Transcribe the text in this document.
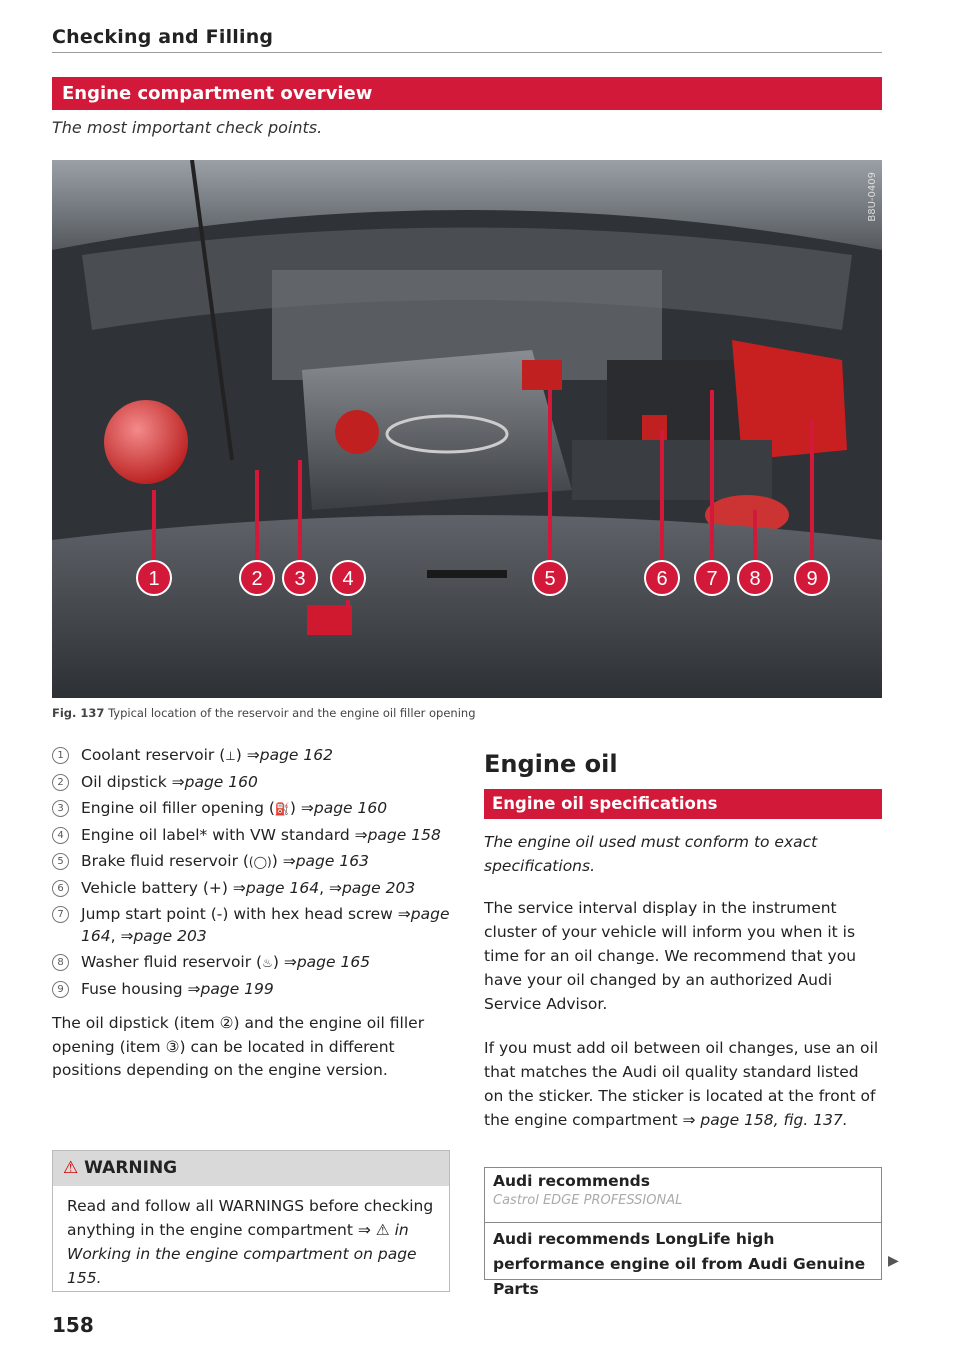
Checking and Filling
Engine compartment overview
The most important check points.
1	2 3 4	5	6 7 8 9
B8U-0409
Fig. 137 Typical location of the reservoir and the engine oil filler opening
1	Coolant reservoir (⊥) ⇒page 162
2	Oil dipstick ⇒page 160
3	Engine oil filler opening (⛽) ⇒page 160
4	Engine oil label* with VW standard ⇒page 158
5	Brake fluid reservoir ((◯)) ⇒page 163
6	Vehicle battery (+) ⇒page 164, ⇒page 203
7	Jump start point (-) with hex head screw ⇒page 164, ⇒page 203
8	Washer fluid reservoir (♨) ⇒page 165
9	Fuse housing ⇒page 199
The oil dipstick (item ②) and the engine oil filler opening (item ③) can be located in different positions depending on the engine version.
⚠ WARNING
Read and follow all WARNINGS before checking anything in the engine compartment ⇒ ⚠ in Working in the engine compartment on page 155.
158
Engine oil
Engine oil specifications
The engine oil used must conform to exact specifications.
The service interval display in the instrument cluster of your vehicle will inform you when it is time for an oil change. We recommend that you have your oil changed by an authorized Audi Service Advisor.
If you must add oil between oil changes, use an oil that matches the Audi oil quality standard listed on the sticker. The sticker is located at the front of the engine compartment ⇒ page 158, fig. 137.
Audi recommends
Castrol EDGE PROFESSIONAL
Audi recommends LongLife high performance engine oil from Audi Genuine Parts
▶
